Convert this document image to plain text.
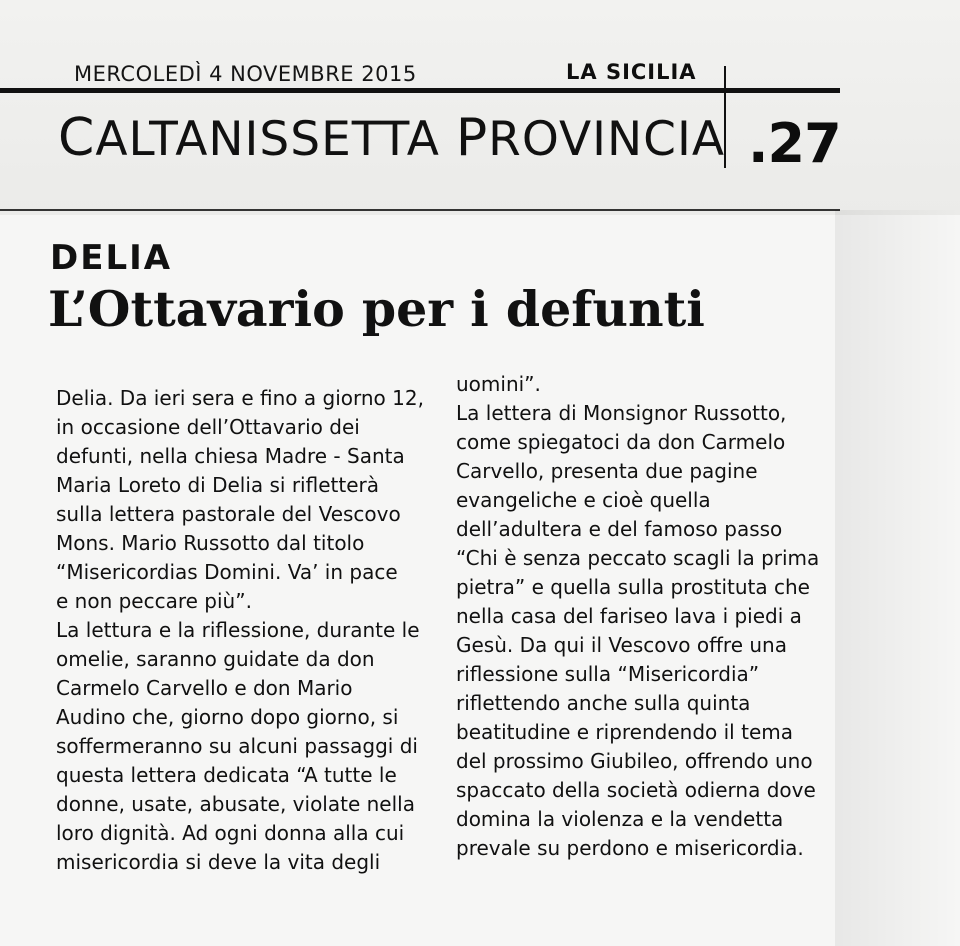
MERCOLEDÌ 4 NOVEMBRE 2015	LA SICILIA
CALTANISSETTA PROVINCIA .27
DELIA
L’Ottavario per i defunti
Delia. Da ieri sera e fino a giorno 12,
in occasione dell’Ottavario dei
defunti, nella chiesa Madre - Santa
Maria Loreto di Delia si rifletterà
sulla lettera pastorale del Vescovo
Mons. Mario Russotto dal titolo
“Misericordias Domini. Va’ in pace
e non peccare più”.
La lettura e la riflessione, durante le
omelie, saranno guidate da don
Carmelo Carvello e don Mario
Audino che, giorno dopo giorno, si
soffermeranno su alcuni passaggi di
questa lettera dedicata “A tutte le
donne, usate, abusate, violate nella
loro dignità. Ad ogni donna alla cui
misericordia si deve la vita degli
uomini”.
La lettera di Monsignor Russotto,
come spiegatoci da don Carmelo
Carvello, presenta due pagine
evangeliche e cioè quella
dell’adultera e del famoso passo
“Chi è senza peccato scagli la prima
pietra” e quella sulla prostituta che
nella casa del fariseo lava i piedi a
Gesù. Da qui il Vescovo offre una
riflessione sulla “Misericordia”
riflettendo anche sulla quinta
beatitudine e riprendendo il tema
del prossimo Giubileo, offrendo uno
spaccato della società odierna dove
domina la violenza e la vendetta
prevale su perdono e misericordia.
